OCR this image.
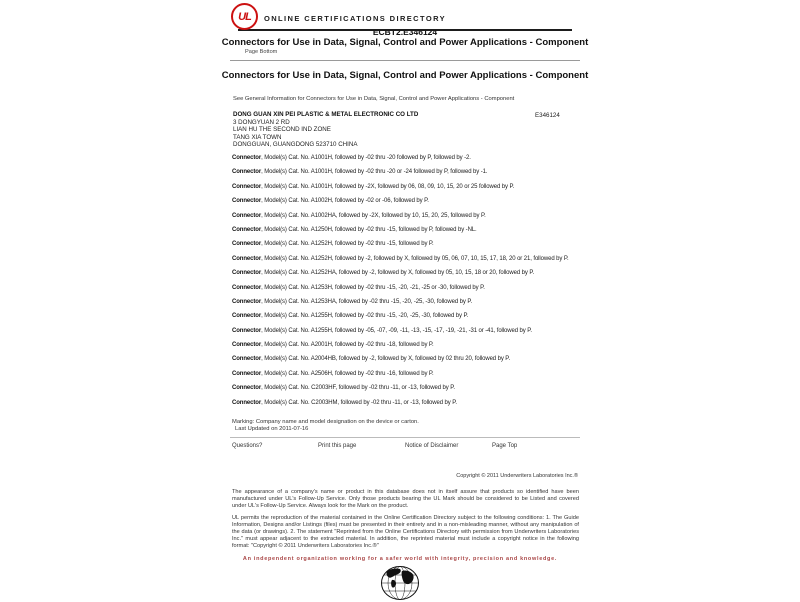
UL	ONLINE CERTIFICATIONS DIRECTORY
ECBT2.E346124
Connectors for Use in Data, Signal, Control and Power Applications - Component
Page Bottom
Connectors for Use in Data, Signal, Control and Power Applications - Component
See General Information for Connectors for Use in Data, Signal, Control and Power Applications - Component
DONG GUAN XIN PEI PLASTIC & METAL ELECTRONIC CO LTD	E346124
3 DONGYUAN 2 RD
LIAN HU THE SECOND IND ZONE
TANG XIA TOWN
DONGGUAN, GUANGDONG 523710 CHINA
Connector, Model(s) Cat. No. A1001H, followed by -02 thru -20 followed by P, followed by -2.
Connector, Model(s) Cat. No. A1001H, followed by -02 thru -20 or -24 followed by P, followed by -1.
Connector, Model(s) Cat. No. A1001H, followed by -2X, followed by 06, 08, 09, 10, 15, 20 or 25 followed by P.
Connector, Model(s) Cat. No. A1002H, followed by -02 or -06, followed by P.
Connector, Model(s) Cat. No. A1002HA, followed by -2X, followed by 10, 15, 20, 25, followed by P.
Connector, Model(s) Cat. No. A1250H, followed by -02 thru -15, followed by P, followed by -NL.
Connector, Model(s) Cat. No. A1252H, followed by -02 thru -15, followed by P.
Connector, Model(s) Cat. No. A1252H, followed by -2, followed by X, followed by 05, 06, 07, 10, 15, 17, 18, 20 or 21, followed by P.
Connector, Model(s) Cat. No. A1252HA, followed by -2, followed by X, followed by 05, 10, 15, 18 or 20, followed by P.
Connector, Model(s) Cat. No. A1253H, followed by -02 thru -15, -20, -21, -25 or -30, followed by P.
Connector, Model(s) Cat. No. A1253HA, followed by -02 thru -15, -20, -25, -30, followed by P.
Connector, Model(s) Cat. No. A1255H, followed by -02 thru -15, -20, -25, -30, followed by P.
Connector, Model(s) Cat. No. A1255H, followed by -05, -07, -09, -11, -13, -15, -17, -19, -21, -31 or -41, followed by P.
Connector, Model(s) Cat. No. A2001H, followed by -02 thru -18, followed by P.
Connector, Model(s) Cat. No. A2004HB, followed by -2, followed by X, followed by 02 thru 20, followed by P.
Connector, Model(s) Cat. No. A2506H, followed by -02 thru -16, followed by P.
Connector, Model(s) Cat. No. C2003HF, followed by -02 thru -11, or -13, followed by P.
Connector, Model(s) Cat. No. C2003HM, followed by -02 thru -11, or -13, followed by P.
Marking: Company name and model designation on the device or carton.
Last Updated on 2011-07-16
Questions?	Print this page	Notice of Disclaimer	Page Top
Copyright © 2011 Underwriters Laboratories Inc.®
The appearance of a company's name or product in this database does not in itself assure that products so identified have been manufactured under UL's Follow-Up Service. Only those products bearing the UL Mark should be considered to be Listed and covered under UL's Follow-Up Service. Always look for the Mark on the product.
UL permits the reproduction of the material contained in the Online Certification Directory subject to the following conditions: 1. The Guide Information, Designs and/or Listings (files) must be presented in their entirety and in a non-misleading manner, without any manipulation of the data (or drawings). 2. The statement "Reprinted from the Online Certifications Directory with permission from Underwriters Laboratories Inc." must appear adjacent to the extracted material. In addition, the reprinted material must include a copyright notice in the following format: "Copyright © 2011 Underwriters Laboratories Inc.®"
An independent organization working for a safer world with integrity, precision and knowledge.
